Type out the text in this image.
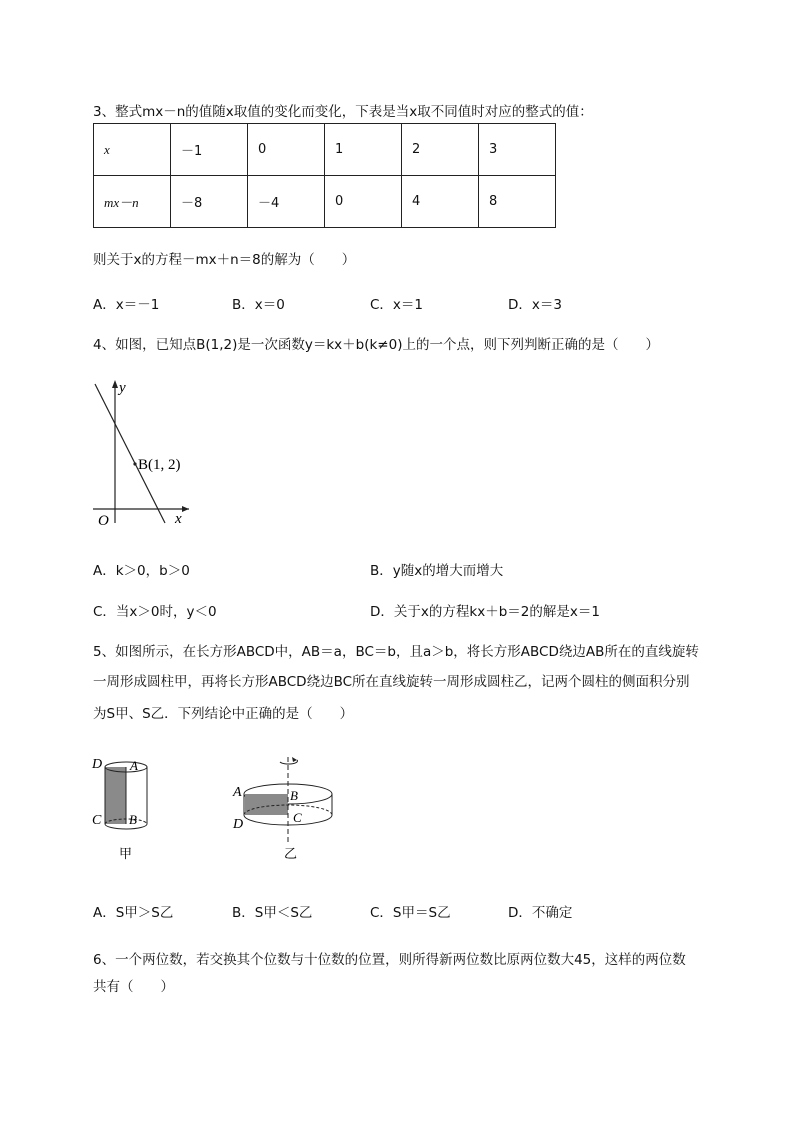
3、整式mx－n的值随x取值的变化而变化，下表是当x取不同值时对应的整式的值：
x	－1	0	1	2	3
mx－n	－8	－4	0	4	8
则关于x的方程－mx＋n＝8的解为（　　）
A．x＝－1	B．x＝0	C．x＝1	D．x＝3
4、如图，已知点B(1,2)是一次函数y＝kx＋b(k≠0)上的一个点，则下列判断正确的是（　　）
y
x
O
B(1, 2)
A．k＞0，b＞0	B．y随x的增大而增大
C．当x＞0时，y＜0	D．关于x的方程kx＋b＝2的解是x＝1
5、如图所示，在长方形ABCD中，AB＝a，BC＝b，且a＞b，将长方形ABCD绕边AB所在的直线旋转
一周形成圆柱甲，再将长方形ABCD绕边BC所在直线旋转一周形成圆柱乙，记两个圆柱的侧面积分别
为S甲、S乙．下列结论中正确的是（　　）
D A
C B
甲
A	B
D	C
乙
A．S甲＞S乙	B．S甲＜S乙	C．S甲＝S乙	D．不确定
6、一个两位数，若交换其个位数与十位数的位置，则所得新两位数比原两位数大45，这样的两位数
共有（　　）
